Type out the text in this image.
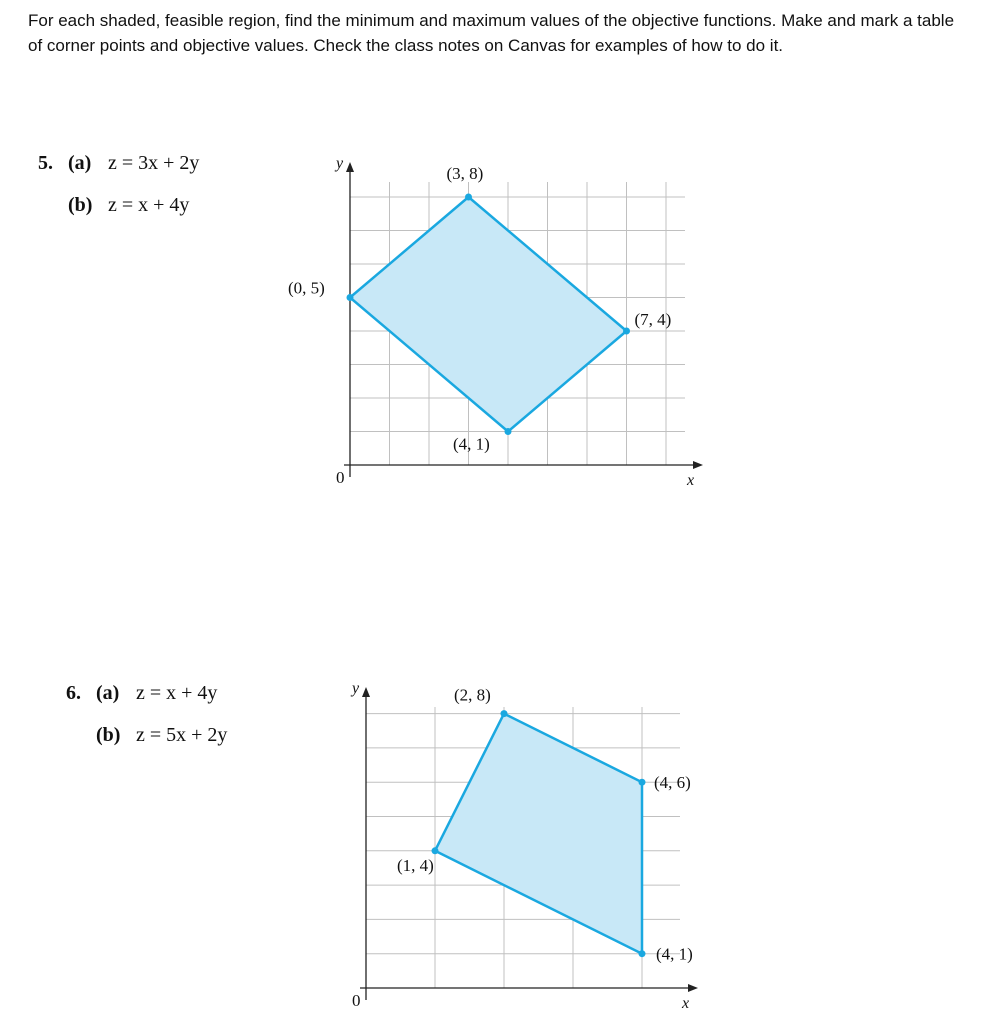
For each shaded, feasible region, find the minimum and maximum values of the objective functions. Make and mark a table of corner points and objective values. Check the class notes on Canvas for examples of how to do it.
5. (a) z = 3x + 2y
(b) z = x + 4y
6. (a) z = x + 4y
(b) z = 5x + 2y
y
x
0
(3, 8)
(7, 4)
(4, 1)
(0, 5)
y
x
0
(2, 8)
(4, 6)
(4, 1)
(1, 4)
